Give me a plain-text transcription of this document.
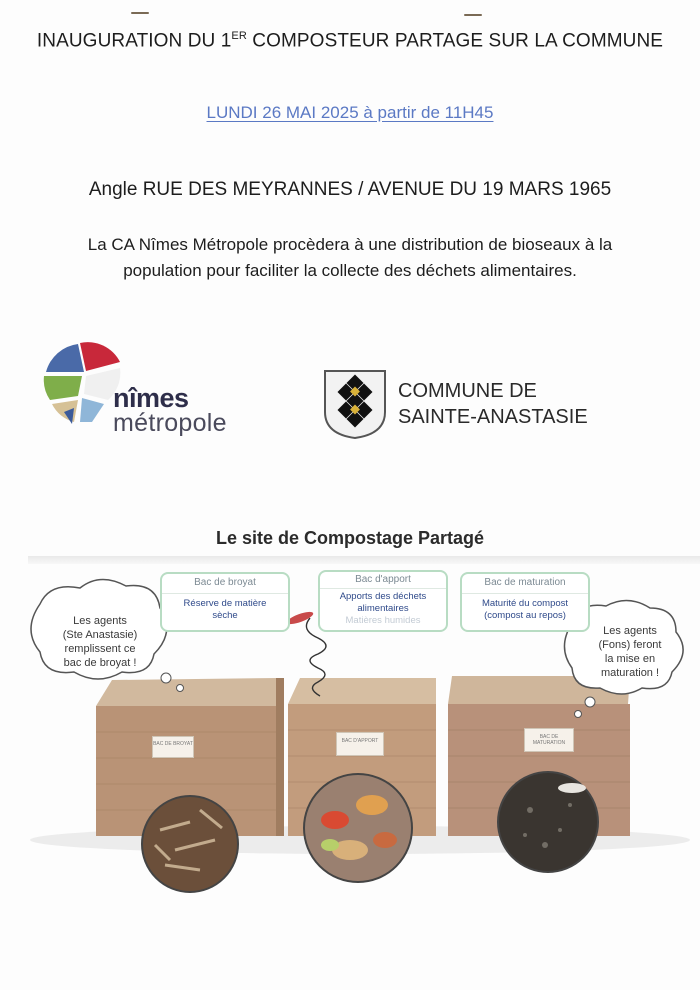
INAUGURATION DU 1ER COMPOSTEUR PARTAGE SUR LA COMMUNE
LUNDI 26 MAI 2025 à partir de 11H45
Angle RUE DES MEYRANNES / AVENUE DU 19 MARS 1965
La CA Nîmes Métropole procèdera à une distribution de bioseaux à la
population pour faciliter la collecte des déchets alimentaires.
nîmes
métropole
COMMUNE DE
SAINTE-ANASTASIE
Le site de Compostage Partagé
Bac de broyat
Réserve de matière
sèche
Bac d'apport
Apports des déchets
alimentaires
Matières humides
Bac de maturation
Maturité du compost
(compost au repos)
Les agents
(Ste Anastasie)
remplissent ce
bac de broyat !
Les agents
(Fons) feront
la mise en
maturation !
BAC DE BROYAT	BAC D'APPORT
BAC DE MATURATION
